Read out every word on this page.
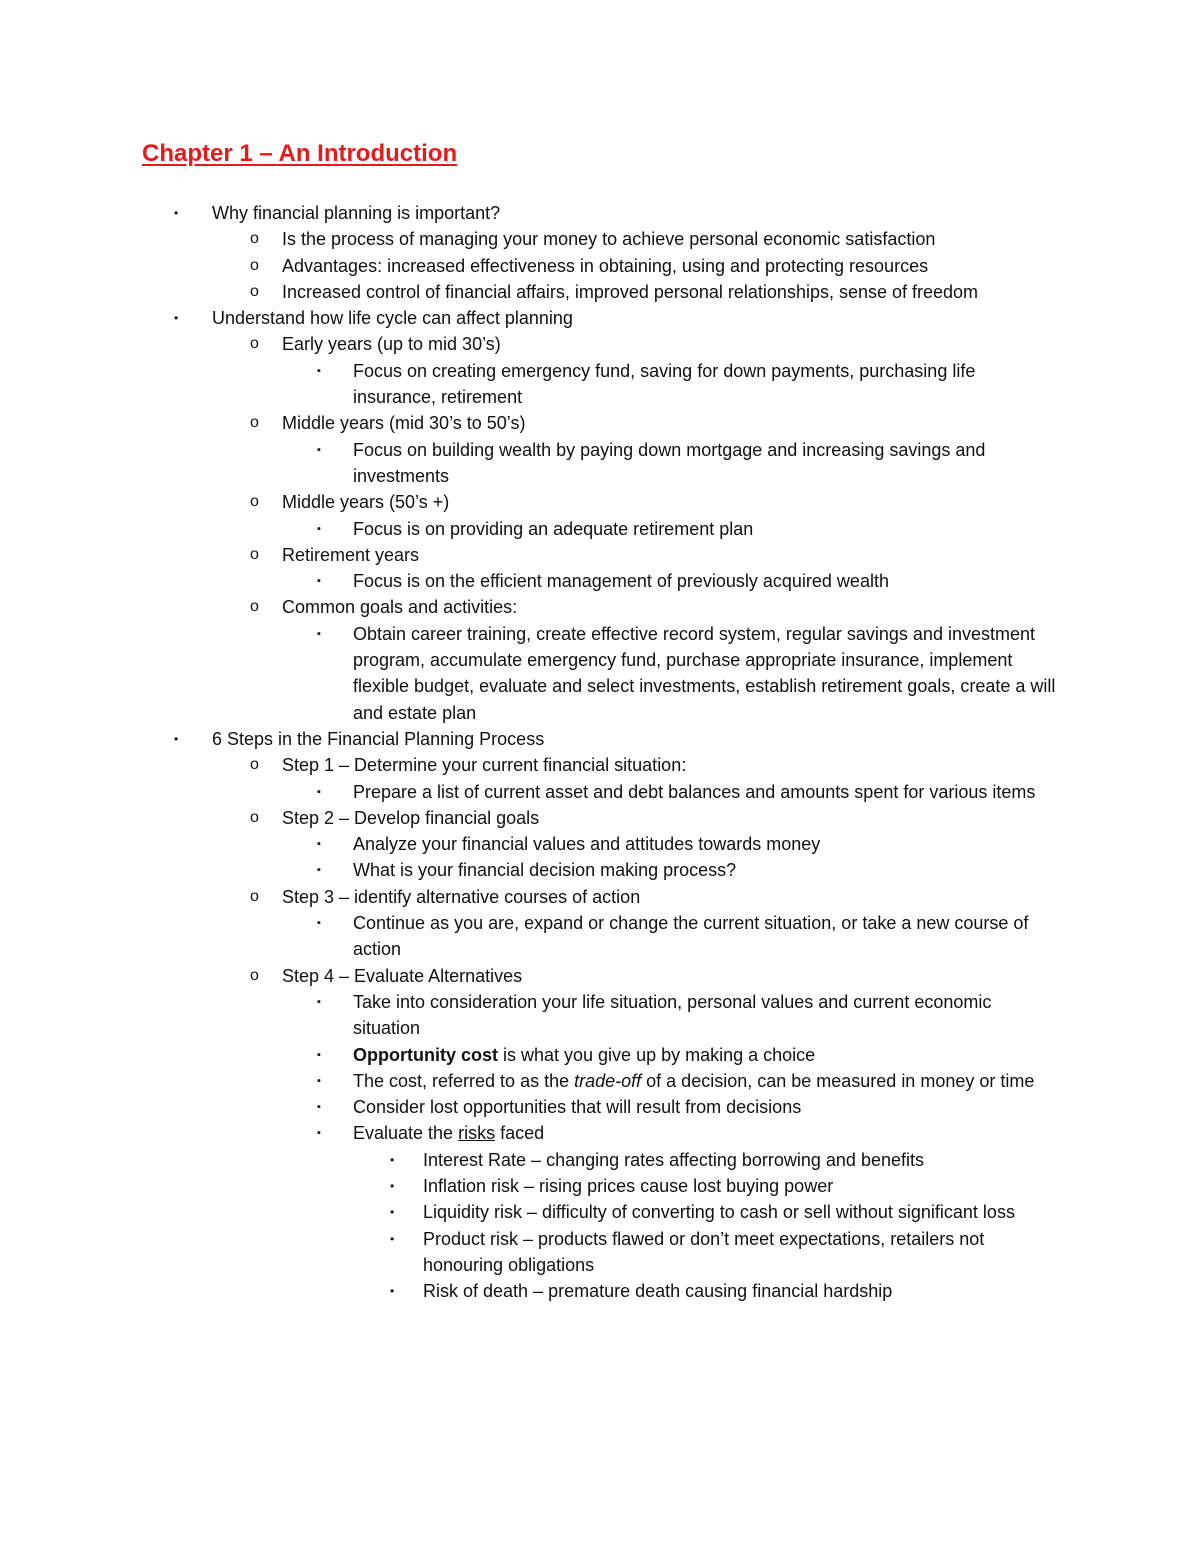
Chapter 1 – An Introduction
• Why financial planning is important?
o Is the process of managing your money to achieve personal economic satisfaction
o Advantages: increased effectiveness in obtaining, using and protecting resources
o Increased control of financial affairs, improved personal relationships, sense of freedom
• Understand how life cycle can affect planning
o Early years (up to mid 30’s)
▪ Focus on creating emergency fund, saving for down payments, purchasing life insurance, retirement
o Middle years (mid 30’s to 50’s)
▪ Focus on building wealth by paying down mortgage and increasing savings and investments
o Middle years (50’s +)
▪ Focus is on providing an adequate retirement plan
o Retirement years
▪ Focus is on the efficient management of previously acquired wealth
o Common goals and activities:
▪ Obtain career training, create effective record system, regular savings and investment program, accumulate emergency fund, purchase appropriate insurance, implement flexible budget, evaluate and select investments, establish retirement goals, create a will and estate plan
• 6 Steps in the Financial Planning Process
o Step 1 – Determine your current financial situation:
▪ Prepare a list of current asset and debt balances and amounts spent for various items
o Step 2 – Develop financial goals
▪ Analyze your financial values and attitudes towards money
▪ What is your financial decision making process?
o Step 3 – identify alternative courses of action
▪ Continue as you are, expand or change the current situation, or take a new course of action
o Step 4 – Evaluate Alternatives
▪ Take into consideration your life situation, personal values and current economic situation
▪ Opportunity cost is what you give up by making a choice
▪ The cost, referred to as the trade-off of a decision, can be measured in money or time
▪ Consider lost opportunities that will result from decisions
▪ Evaluate the risks faced
• Interest Rate – changing rates affecting borrowing and benefits
• Inflation risk – rising prices cause lost buying power
• Liquidity risk – difficulty of converting to cash or sell without significant loss
• Product risk – products flawed or don’t meet expectations, retailers not honouring obligations
• Risk of death – premature death causing financial hardship
